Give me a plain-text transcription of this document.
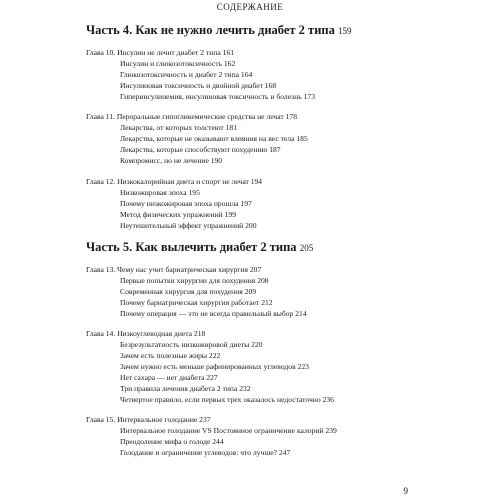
СОДЕРЖАНИЕ
Часть 4. Как не нужно лечить диабет 2 типа 159
Глава 10. Инсулин не лечит диабет 2 типа 161
Инсулин и глюкозотоксичность 162
Глюкозотоксичность и диабет 2 типа 164
Инсулиновая токсичность и двойной диабет 168
Гиперинсулинемия, инсулиновая токсичность и болезнь 173
Глава 11. Пероральные гипогликемические средства не лечат 178
Лекарства, от которых толстеют 181
Лекарства, которые не оказывают влияния на вес тела 185
Лекарства, которые способствуют похудению 187
Компромисс, но не лечение 190
Глава 12. Низкокалорийная диета и спорт не лечат 194
Низкожировая эпоха 195
Почему низкожировая эпоха прошла 197
Метод физических упражнений 199
Неутешительный эффект упражнений 200
Часть 5. Как вылечить диабет 2 типа 205
Глава 13. Чему нас учит бариатрическая хирургия 207
Первые попытки хирургии для похудения 208
Современная хирургия для похудения 209
Почему бариатрическая хирургия работает 212
Почему операция — это не всегда правильный выбор 214
Глава 14. Низкоуглеводная диета 218
Безрезультатность низкожировой диеты 220
Зачем есть полезные жиры 222
Зачем нужно есть меньше рафинированных углеводов 223
Нет сахара — нет диабета 227
Три правила лечения диабета 2 типа 232
Четвертое правило, если первых трех оказалось недостаточно 236
Глава 15. Интервальное голодание 237
Интервальное голодание VS Постоянное ограничение калорий 239
Преодоление мифа о голоде 244
Голодание и ограничение углеводов: что лучше? 247
9
